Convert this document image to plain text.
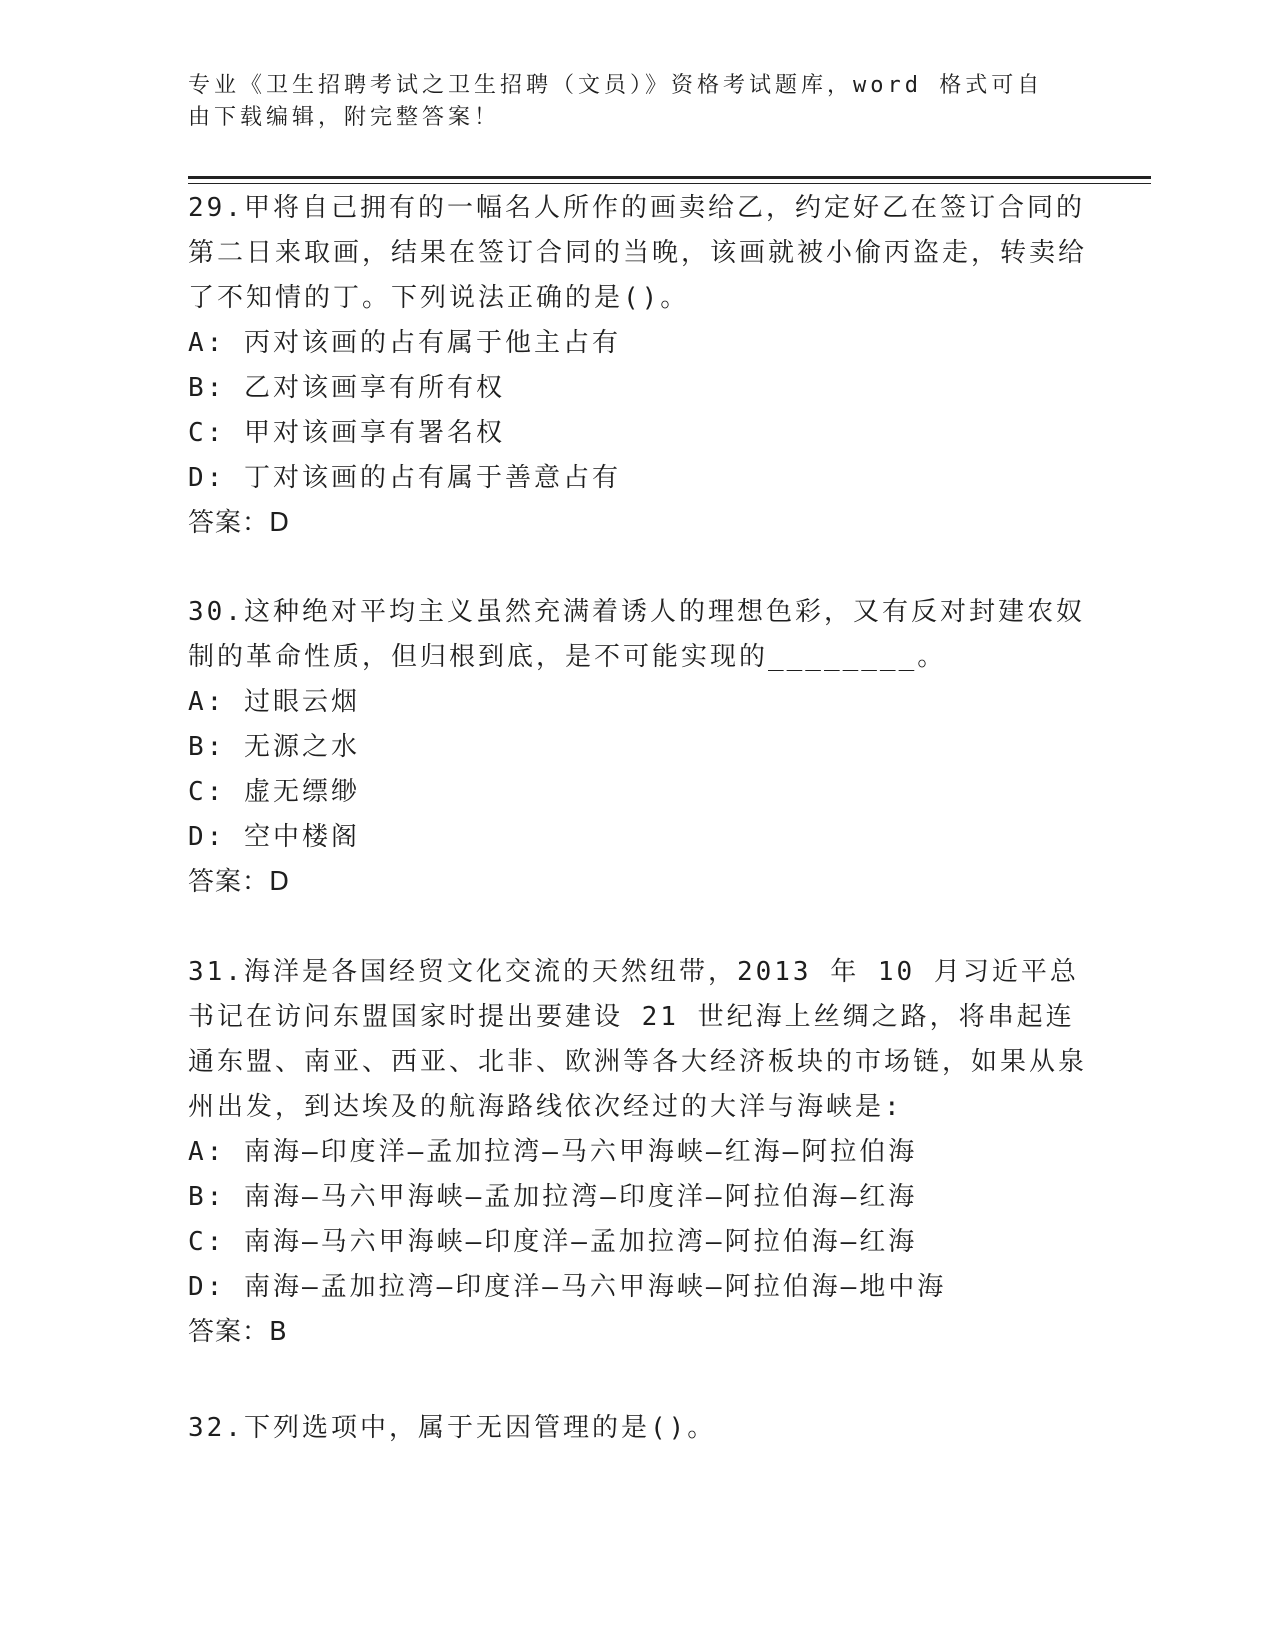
专业《卫生招聘考试之卫生招聘（文员）》资格考试题库，word 格式可自由下载编辑，附完整答案！
29.甲将自己拥有的一幅名人所作的画卖给乙，约定好乙在签订合同的第二日来取画，结果在签订合同的当晚，该画就被小偷丙盗走，转卖给了不知情的丁。下列说法正确的是()。
A: 丙对该画的占有属于他主占有
B: 乙对该画享有所有权
C: 甲对该画享有署名权
D: 丁对该画的占有属于善意占有
答案：D
30.这种绝对平均主义虽然充满着诱人的理想色彩，又有反对封建农奴制的革命性质，但归根到底，是不可能实现的________。
A: 过眼云烟
B: 无源之水
C: 虚无缥缈
D: 空中楼阁
答案：D
31.海洋是各国经贸文化交流的天然纽带，2013 年 10 月习近平总书记在访问东盟国家时提出要建设 21 世纪海上丝绸之路，将串起连通东盟、南亚、西亚、北非、欧洲等各大经济板块的市场链，如果从泉州出发，到达埃及的航海路线依次经过的大洋与海峡是:
A: 南海—印度洋—孟加拉湾—马六甲海峡—红海—阿拉伯海
B: 南海—马六甲海峡—孟加拉湾—印度洋—阿拉伯海—红海
C: 南海—马六甲海峡—印度洋—孟加拉湾—阿拉伯海—红海
D: 南海—孟加拉湾—印度洋—马六甲海峡—阿拉伯海—地中海
答案：B
32.下列选项中，属于无因管理的是()。
